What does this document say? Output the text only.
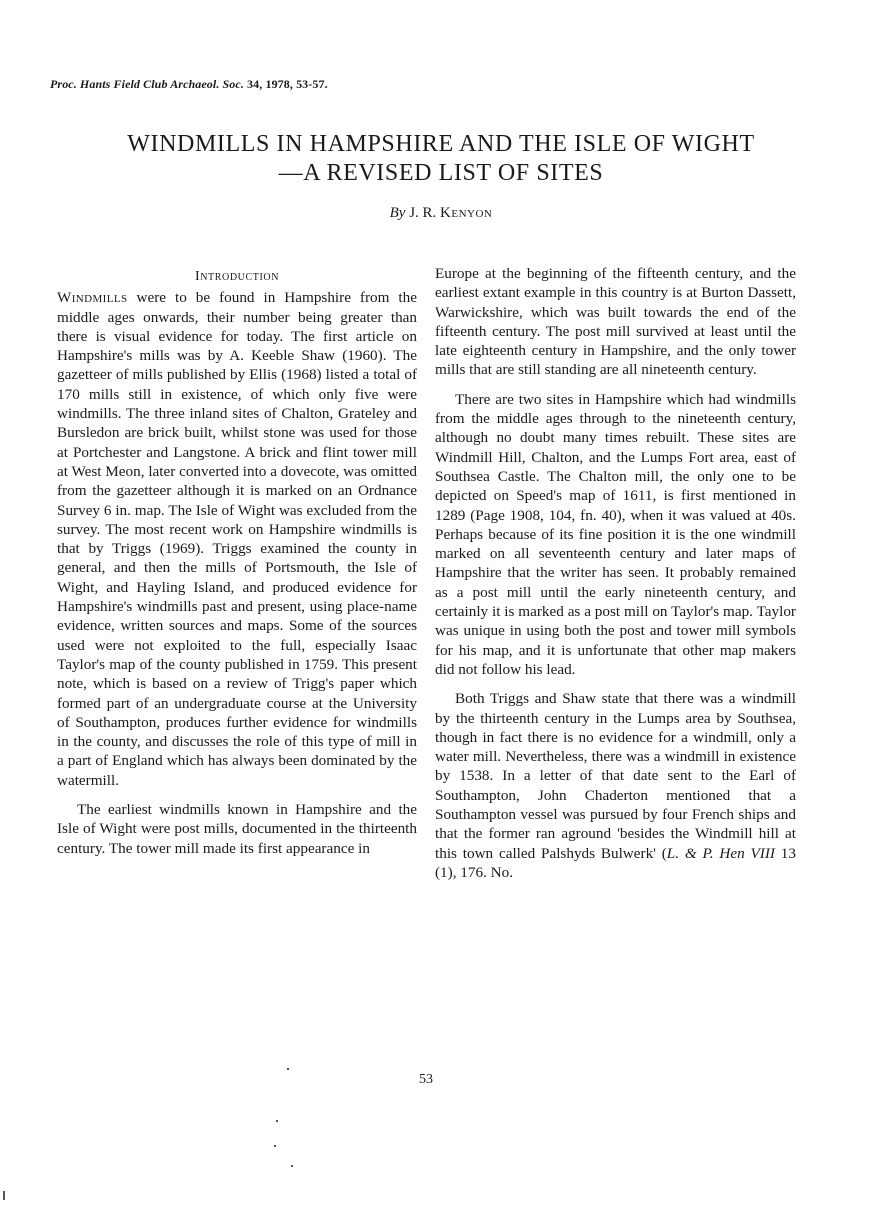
Proc. Hants Field Club Archaeol. Soc. 34, 1978, 53-57.
WINDMILLS IN HAMPSHIRE AND THE ISLE OF WIGHT
—A REVISED LIST OF SITES
By J. R. Kenyon
Introduction

Windmills were to be found in Hampshire from the middle ages onwards, their number being greater than there is visual evidence for today. The first article on Hampshire's mills was by A. Keeble Shaw (1960). The gazetteer of mills published by Ellis (1968) listed a total of 170 mills still in existence, of which only five were windmills. The three inland sites of Chalton, Grateley and Bursledon are brick built, whilst stone was used for those at Portchester and Langstone. A brick and flint tower mill at West Meon, later converted into a dovecote, was omitted from the gazetteer although it is marked on an Ordnance Survey 6 in. map. The Isle of Wight was excluded from the survey. The most recent work on Hampshire windmills is that by Triggs (1969). Triggs examined the county in general, and then the mills of Portsmouth, the Isle of Wight, and Hayling Island, and produced evidence for Hampshire's windmills past and present, using place-name evidence, written sources and maps. Some of the sources used were not exploited to the full, especially Isaac Taylor's map of the county published in 1759. This present note, which is based on a review of Trigg's paper which formed part of an undergraduate course at the University of Southampton, produces further evidence for windmills in the county, and discusses the role of this type of mill in a part of England which has always been dominated by the watermill.

The earliest windmills known in Hampshire and the Isle of Wight were post mills, documented in the thirteenth century. The tower mill made its first appearance in

Europe at the beginning of the fifteenth century, and the earliest extant example in this country is at Burton Dassett, Warwickshire, which was built towards the end of the fifteenth century. The post mill survived at least until the late eighteenth century in Hampshire, and the only tower mills that are still standing are all nineteenth century.

There are two sites in Hampshire which had windmills from the middle ages through to the nineteenth century, although no doubt many times rebuilt. These sites are Windmill Hill, Chalton, and the Lumps Fort area, east of Southsea Castle. The Chalton mill, the only one to be depicted on Speed's map of 1611, is first mentioned in 1289 (Page 1908, 104, fn. 40), when it was valued at 40s. Perhaps because of its fine position it is the one windmill marked on all seventeenth century and later maps of Hampshire that the writer has seen. It probably remained as a post mill until the early nineteenth century, and certainly it is marked as a post mill on Taylor's map. Taylor was unique in using both the post and tower mill symbols for his map, and it is unfortunate that other map makers did not follow his lead.

Both Triggs and Shaw state that there was a windmill by the thirteenth century in the Lumps area by Southsea, though in fact there is no evidence for a windmill, only a water mill. Nevertheless, there was a windmill in existence by 1538. In a letter of that date sent to the Earl of Southampton, John Chaderton mentioned that a Southampton vessel was pursued by four French ships and that the former ran aground 'besides the Windmill hill at this town called Palshyds Bulwerk' (L. & P. Hen VIII 13 (1), 176. No.

53
